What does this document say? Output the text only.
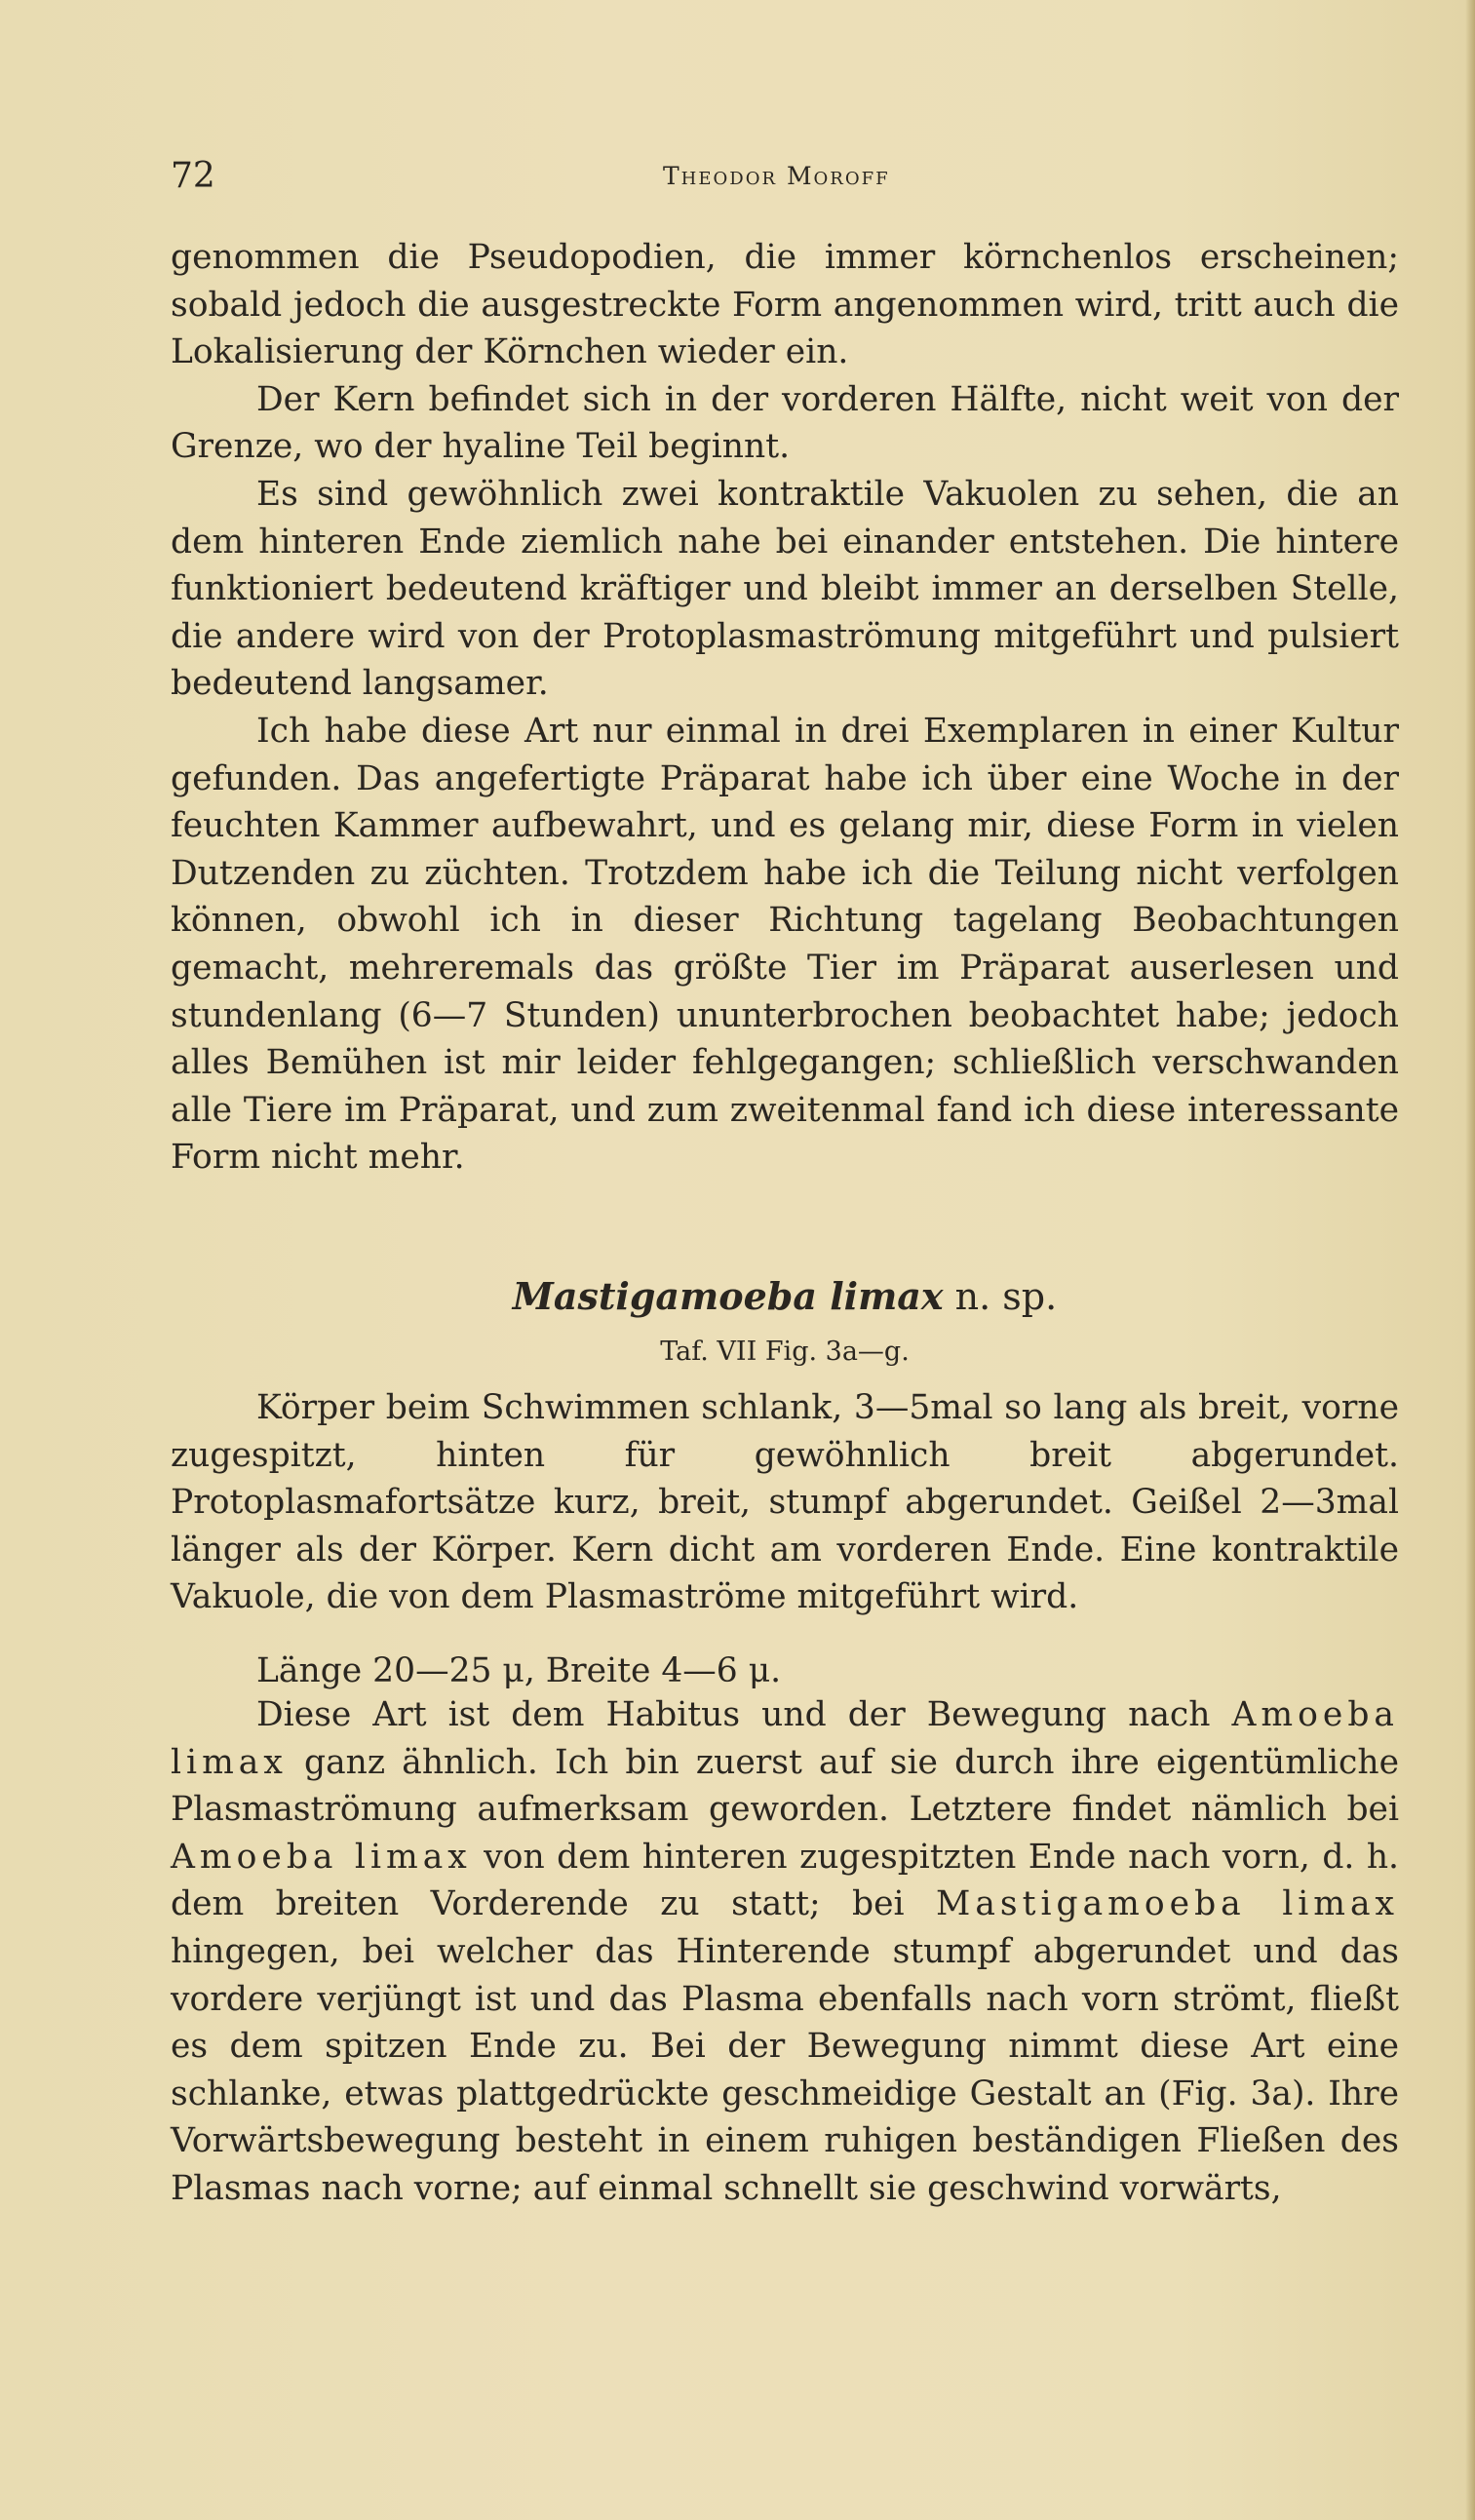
72	Theodor Moroff

genommen die Pseudopodien, die immer körnchenlos erscheinen; sobald jedoch die ausgestreckte Form angenommen wird, tritt auch die Lokalisierung der Körnchen wieder ein.

Der Kern befindet sich in der vorderen Hälfte, nicht weit von der Grenze, wo der hyaline Teil beginnt.

Es sind gewöhnlich zwei kontraktile Vakuolen zu sehen, die an dem hinteren Ende ziemlich nahe bei einander entstehen. Die hintere funktioniert bedeutend kräftiger und bleibt immer an derselben Stelle, die andere wird von der Protoplasmaströmung mitgeführt und pulsiert bedeutend langsamer.

Ich habe diese Art nur einmal in drei Exemplaren in einer Kultur gefunden. Das angefertigte Präparat habe ich über eine Woche in der feuchten Kammer aufbewahrt, und es gelang mir, diese Form in vielen Dutzenden zu züchten. Trotzdem habe ich die Teilung nicht verfolgen können, obwohl ich in dieser Richtung tagelang Beobachtungen gemacht, mehreremals das größte Tier im Präparat auserlesen und stundenlang (6—7 Stunden) ununterbrochen beobachtet habe; jedoch alles Bemühen ist mir leider fehlgegangen; schließlich verschwanden alle Tiere im Präparat, und zum zweitenmal fand ich diese interessante Form nicht mehr.

Mastigamoeba limax n. sp.
Taf. VII Fig. 3a—g.

Körper beim Schwimmen schlank, 3—5mal so lang als breit, vorne zugespitzt, hinten für gewöhnlich breit abgerundet. Protoplasmafortsätze kurz, breit, stumpf abgerundet. Geißel 2—3mal länger als der Körper. Kern dicht am vorderen Ende. Eine kontraktile Vakuole, die von dem Plasmaströme mitgeführt wird.

Länge 20—25 μ, Breite 4—6 μ.

Diese Art ist dem Habitus und der Bewegung nach Amoeba limax ganz ähnlich. Ich bin zuerst auf sie durch ihre eigentümliche Plasmaströmung aufmerksam geworden. Letztere findet nämlich bei Amoeba limax von dem hinteren zugespitzten Ende nach vorn, d. h. dem breiten Vorderende zu statt; bei Mastigamoeba limax hingegen, bei welcher das Hinterende stumpf abgerundet und das vordere verjüngt ist und das Plasma ebenfalls nach vorn strömt, fließt es dem spitzen Ende zu. Bei der Bewegung nimmt diese Art eine schlanke, etwas plattgedrückte geschmeidige Gestalt an (Fig. 3a). Ihre Vorwärtsbewegung besteht in einem ruhigen beständigen Fließen des Plasmas nach vorne; auf einmal schnellt sie geschwind vorwärts,
